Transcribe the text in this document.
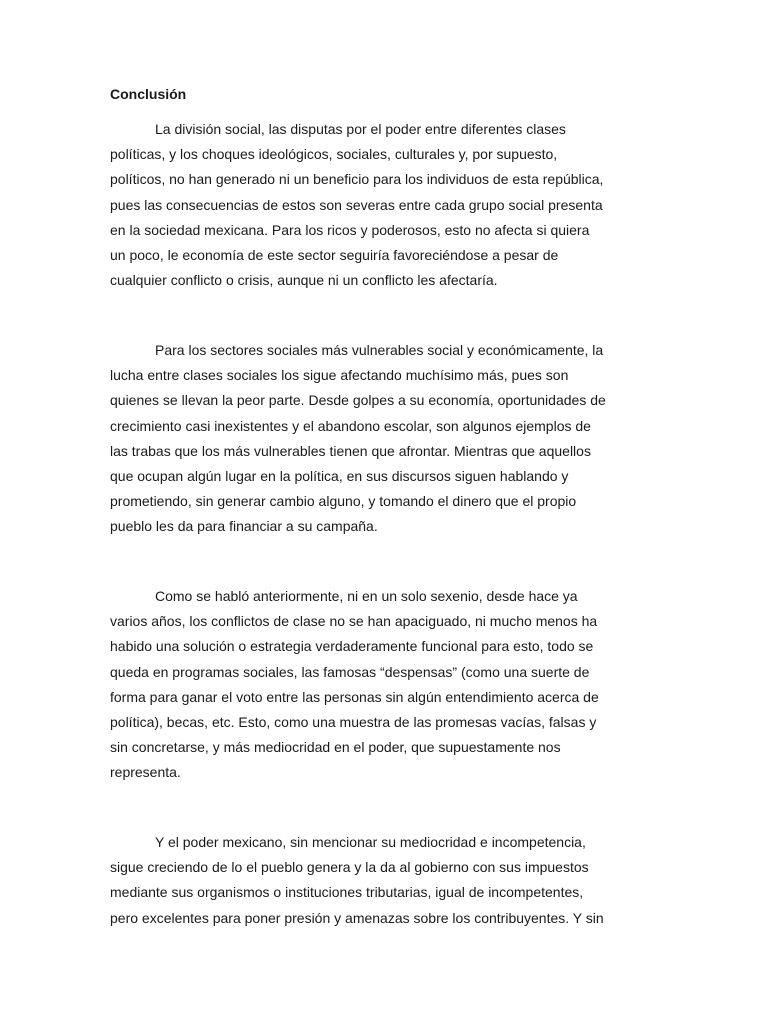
Conclusión
La división social, las disputas por el poder entre diferentes clases
políticas, y los choques ideológicos, sociales, culturales y, por supuesto,
políticos, no han generado ni un beneficio para los individuos de esta república,
pues las consecuencias de estos son severas entre cada grupo social presenta
en la sociedad mexicana. Para los ricos y poderosos, esto no afecta si quiera
un poco, le economía de este sector seguiría favoreciéndose a pesar de
cualquier conflicto o crisis, aunque ni un conflicto les afectaría.
Para los sectores sociales más vulnerables social y económicamente, la
lucha entre clases sociales los sigue afectando muchísimo más, pues son
quienes se llevan la peor parte. Desde golpes a su economía, oportunidades de
crecimiento casi inexistentes y el abandono escolar, son algunos ejemplos de
las trabas que los más vulnerables tienen que afrontar. Mientras que aquellos
que ocupan algún lugar en la política, en sus discursos siguen hablando y
prometiendo, sin generar cambio alguno, y tomando el dinero que el propio
pueblo les da para financiar a su campaña.
Como se habló anteriormente, ni en un solo sexenio, desde hace ya
varios años, los conflictos de clase no se han apaciguado, ni mucho menos ha
habido una solución o estrategia verdaderamente funcional para esto, todo se
queda en programas sociales, las famosas “despensas” (como una suerte de
forma para ganar el voto entre las personas sin algún entendimiento acerca de
política), becas, etc. Esto, como una muestra de las promesas vacías, falsas y
sin concretarse, y más mediocridad en el poder, que supuestamente nos
representa.
Y el poder mexicano, sin mencionar su mediocridad e incompetencia,
sigue creciendo de lo el pueblo genera y la da al gobierno con sus impuestos
mediante sus organismos o instituciones tributarias, igual de incompetentes,
pero excelentes para poner presión y amenazas sobre los contribuyentes. Y sin
